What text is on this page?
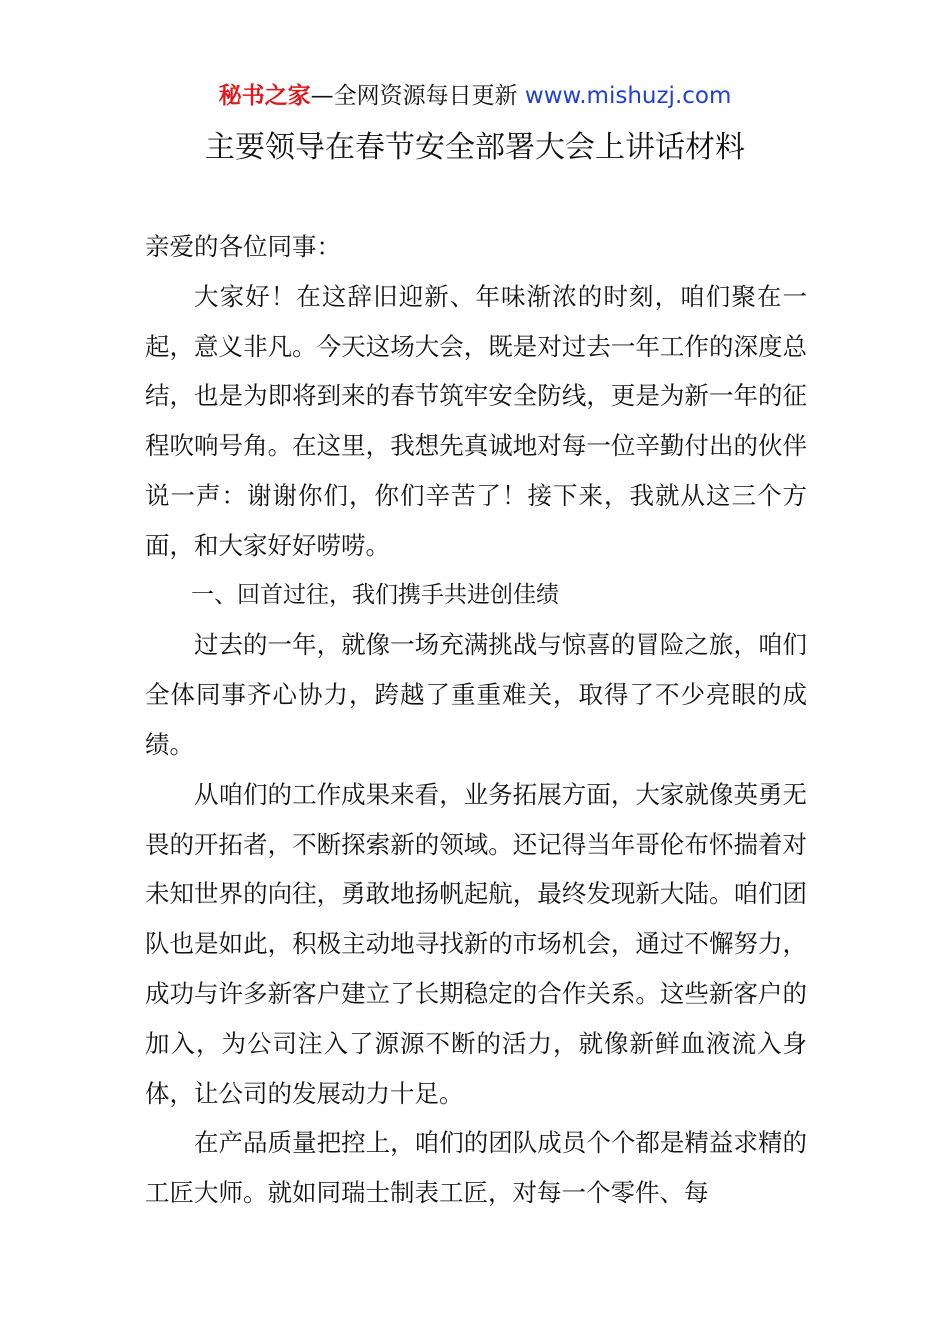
秘书之家—全网资源每日更新 www.mishuzj.com
主要领导在春节安全部署大会上讲话材料

亲爱的各位同事：

大家好！在这辞旧迎新、年味渐浓的时刻，咱们聚在一起，意义非凡。今天这场大会，既是对过去一年工作的深度总结，也是为即将到来的春节筑牢安全防线，更是为新一年的征程吹响号角。在这里，我想先真诚地对每一位辛勤付出的伙伴说一声：谢谢你们，你们辛苦了！接下来，我就从这三个方面，和大家好好唠唠。

一、回首过往，我们携手共进创佳绩

过去的一年，就像一场充满挑战与惊喜的冒险之旅，咱们全体同事齐心协力，跨越了重重难关，取得了不少亮眼的成绩。

从咱们的工作成果来看，业务拓展方面，大家就像英勇无畏的开拓者，不断探索新的领域。还记得当年哥伦布怀揣着对未知世界的向往，勇敢地扬帆起航，最终发现新大陆。咱们团队也是如此，积极主动地寻找新的市场机会，通过不懈努力，成功与许多新客户建立了长期稳定的合作关系。这些新客户的加入，为公司注入了源源不断的活力，就像新鲜血液流入身体，让公司的发展动力十足。

在产品质量把控上，咱们的团队成员个个都是精益求精的工匠大师。就如同瑞士制表工匠，对每一个零件、每
